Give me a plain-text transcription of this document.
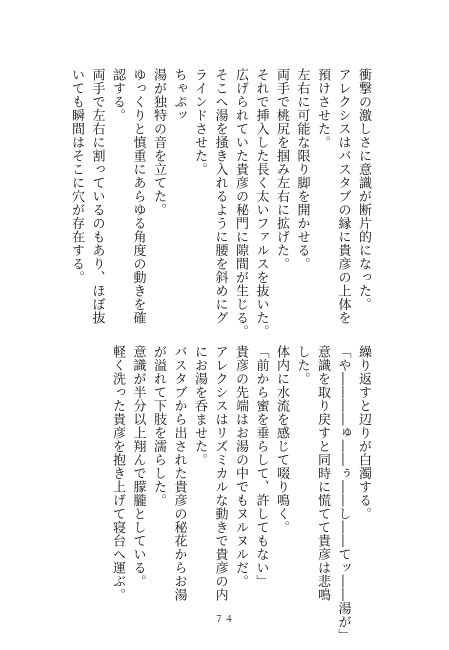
衝撃の激しさに意識が断片的になった。
アレクシスはバスタブの縁に貴彦の上体を
預けさせた。
左右に可能な限り脚を開かせる。
両手で桃尻を掴み左右に拡げた。
それで挿入した長く太いファルスを抜いた。
広げられていた貴彦の秘門に隙間が生じる。
そこへ湯を掻き入れるように腰を斜めにグ
ラインドさせた。
ちゃぷッ
湯が独特の音を立てた。
ゆっくりと慎重にあらゆる角度の動きを確
認する。
両手で左右に割っているのもあり、ほぼ抜
いても瞬間はそこに穴が存在する。
繰り返すと辺りが白濁する。
「や――――ゅ――ぅ――し――てッ――湯が」
意識を取り戻すと同時に慌てて貴彦は悲鳴
した。
体内に水流を感じて啜り鳴く。
「前から蜜を垂らして、許してもない」
貴彦の先端はお湯の中でもヌルヌルだ。
アレクシスはリズミカルな動きで貴彦の内
にお湯を呑ませた。
バスタブから出された貴彦の秘花からお湯
が溢れて下肢を濡らした。
意識が半分以上翔んで朦朧としている。
軽く洗った貴彦を抱き上げて寝台へ運ぶ。
７４
